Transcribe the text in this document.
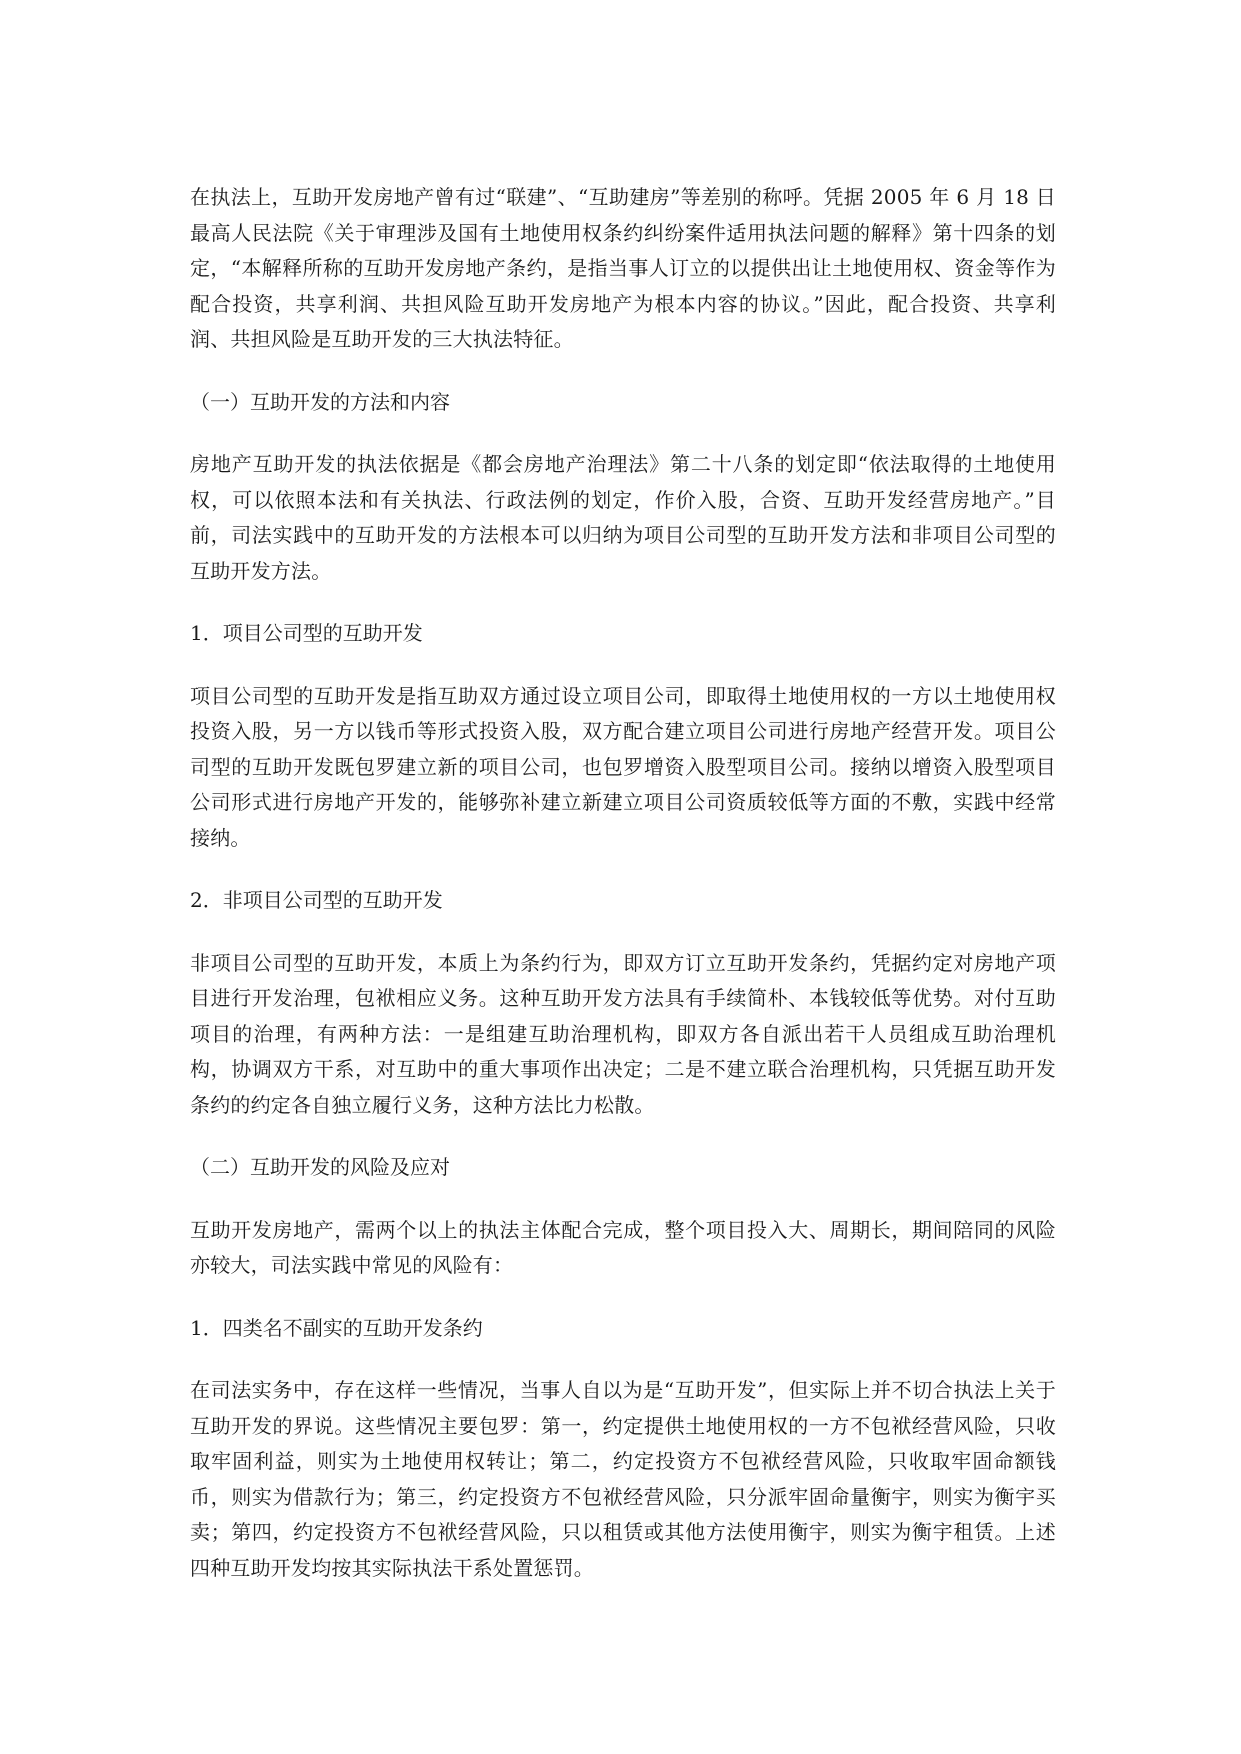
在执法上，互助开发房地产曾有过“联建”、“互助建房”等差别的称呼。凭据 2005 年 6 月 18 日最高人民法院《关于审理涉及国有土地使用权条约纠纷案件适用执法问题的解释》第十四条的划定，“本解释所称的互助开发房地产条约，是指当事人订立的以提供出让土地使用权、资金等作为配合投资，共享利润、共担风险互助开发房地产为根本内容的协议。”因此，配合投资、共享利润、共担风险是互助开发的三大执法特征。

（一）互助开发的方法和内容

房地产互助开发的执法依据是《都会房地产治理法》第二十八条的划定即“依法取得的土地使用权，可以依照本法和有关执法、行政法例的划定，作价入股，合资、互助开发经营房地产。”目前，司法实践中的互助开发的方法根本可以归纳为项目公司型的互助开发方法和非项目公司型的互助开发方法。

1．项目公司型的互助开发

项目公司型的互助开发是指互助双方通过设立项目公司，即取得土地使用权的一方以土地使用权投资入股，另一方以钱币等形式投资入股，双方配合建立项目公司进行房地产经营开发。项目公司型的互助开发既包罗建立新的项目公司，也包罗增资入股型项目公司。接纳以增资入股型项目公司形式进行房地产开发的，能够弥补建立新建立项目公司资质较低等方面的不敷，实践中经常接纳。

2．非项目公司型的互助开发

非项目公司型的互助开发，本质上为条约行为，即双方订立互助开发条约，凭据约定对房地产项目进行开发治理，包袱相应义务。这种互助开发方法具有手续简朴、本钱较低等优势。对付互助项目的治理，有两种方法：一是组建互助治理机构，即双方各自派出若干人员组成互助治理机构，协调双方干系，对互助中的重大事项作出决定；二是不建立联合治理机构，只凭据互助开发条约的约定各自独立履行义务，这种方法比力松散。

（二）互助开发的风险及应对

互助开发房地产，需两个以上的执法主体配合完成，整个项目投入大、周期长，期间陪同的风险亦较大，司法实践中常见的风险有：

1．四类名不副实的互助开发条约

在司法实务中，存在这样一些情况，当事人自以为是“互助开发”，但实际上并不切合执法上关于互助开发的界说。这些情况主要包罗：第一，约定提供土地使用权的一方不包袱经营风险，只收取牢固利益，则实为土地使用权转让；第二，约定投资方不包袱经营风险，只收取牢固命额钱币，则实为借款行为；第三，约定投资方不包袱经营风险，只分派牢固命量衡宇，则实为衡宇买卖；第四，约定投资方不包袱经营风险，只以租赁或其他方法使用衡宇，则实为衡宇租赁。上述四种互助开发均按其实际执法干系处置惩罚。
